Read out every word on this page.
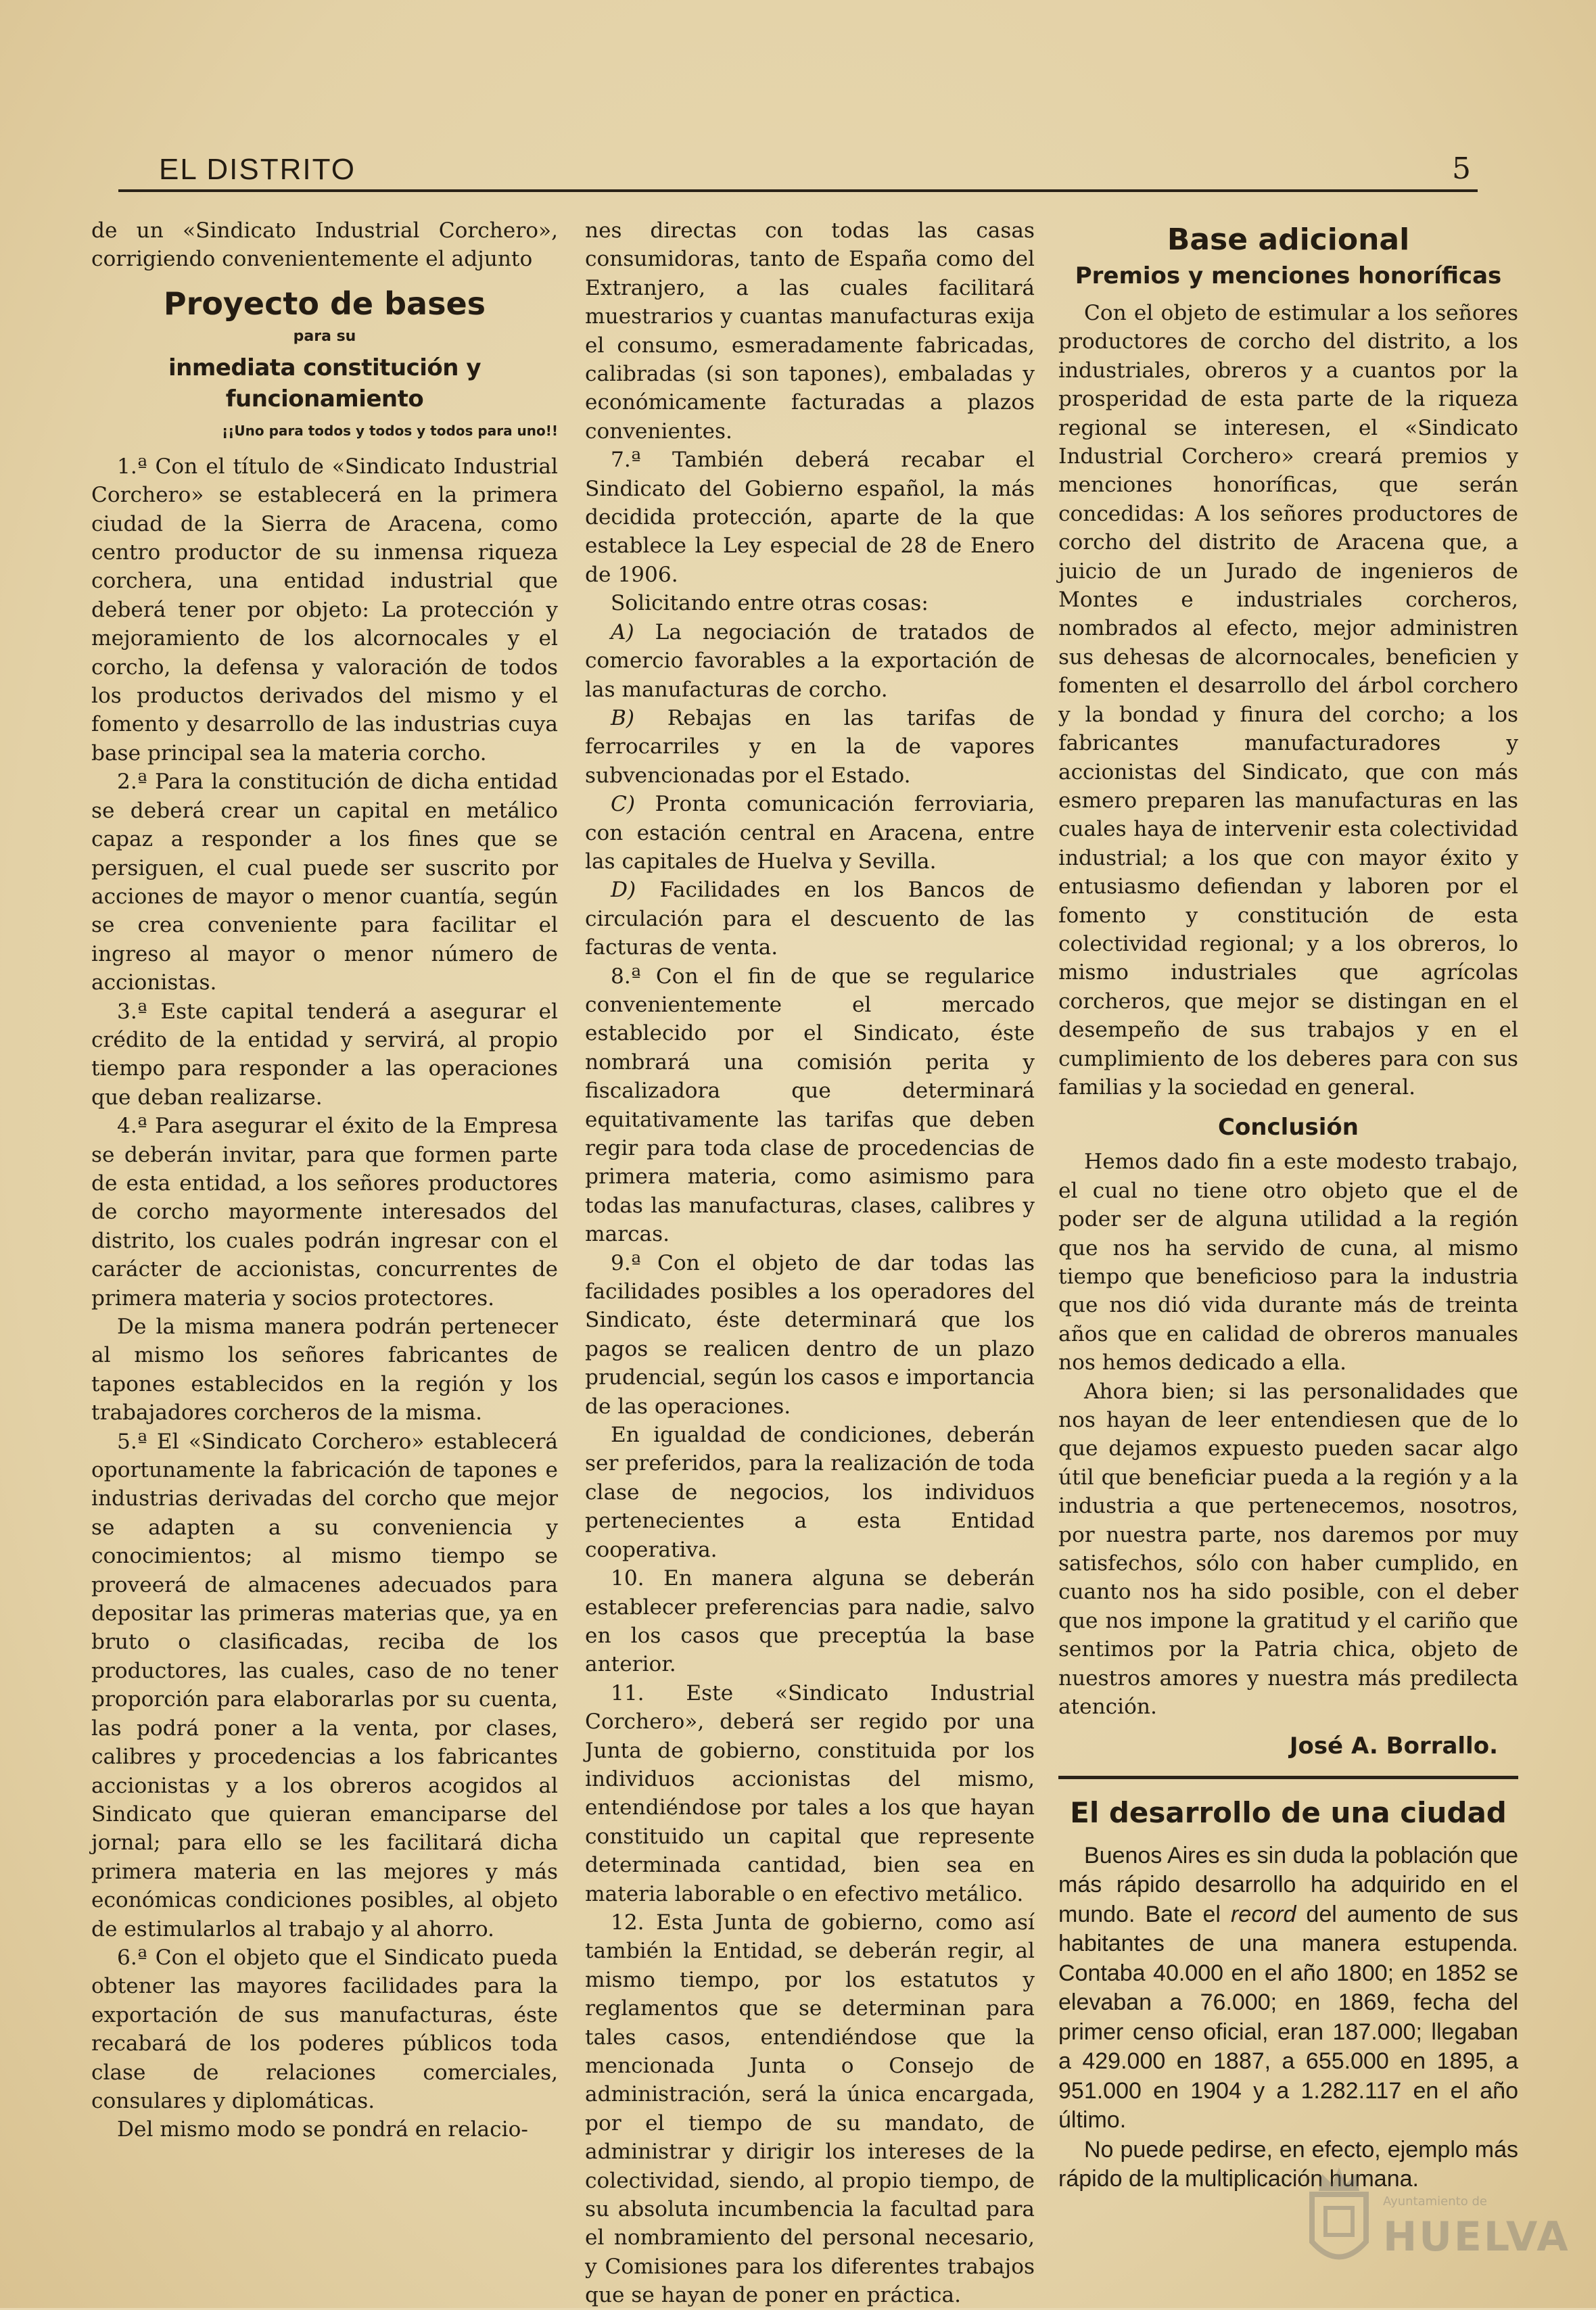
EL DISTRITO	5

de un «Sindicato Industrial Corchero», corrigiendo convenientemente el adjunto

Proyecto de bases
para su
inmediata constitución y funcionamiento
¡¡Uno para todos y todos y todos para uno!!

1.ª Con el título de «Sindicato Industrial Corchero» se establecerá en la primera ciudad de la Sierra de Aracena, como centro productor de su inmensa riqueza corchera, una entidad industrial que deberá tener por objeto: La protección y mejoramiento de los alcornocales y el corcho, la defensa y valoración de todos los productos derivados del mismo y el fomento y desarrollo de las industrias cuya base principal sea la materia corcho.

2.ª Para la constitución de dicha entidad se deberá crear un capital en metálico capaz a responder a los fines que se persiguen, el cual puede ser suscrito por acciones de mayor o menor cuantía, según se crea conveniente para facilitar el ingreso al mayor o menor número de accionistas.

3.ª Este capital tenderá a asegurar el crédito de la entidad y servirá, al propio tiempo para responder a las operaciones que deban realizarse.

4.ª Para asegurar el éxito de la Empresa se deberán invitar, para que formen parte de esta entidad, a los señores productores de corcho mayormente interesados del distrito, los cuales podrán ingresar con el carácter de accionistas, concurrentes de primera materia y socios protectores.

De la misma manera podrán pertenecer al mismo los señores fabricantes de tapones establecidos en la región y los trabajadores corcheros de la misma.

5.ª El «Sindicato Corchero» establecerá oportunamente la fabricación de tapones e industrias derivadas del corcho que mejor se adapten a su conveniencia y conocimientos; al mismo tiempo se proveerá de almacenes adecuados para depositar las primeras materias que, ya en bruto o clasificadas, reciba de los productores, las cuales, caso de no tener proporción para elaborarlas por su cuenta, las podrá poner a la venta, por clases, calibres y procedencias a los fabricantes accionistas y a los obreros acogidos al Sindicato que quieran emanciparse del jornal; para ello se les facilitará dicha primera materia en las mejores y más económicas condiciones posibles, al objeto de estimularlos al trabajo y al ahorro.

6.ª Con el objeto que el Sindicato pueda obtener las mayores facilidades para la exportación de sus manufacturas, éste recabará de los poderes públicos toda clase de relaciones comerciales, consulares y diplomáticas.

Del mismo modo se pondrá en relacio-

nes directas con todas las casas consumidoras, tanto de España como del Extranjero, a las cuales facilitará muestrarios y cuantas manufacturas exija el consumo, esmeradamente fabricadas, calibradas (si son tapones), embaladas y económicamente facturadas a plazos convenientes.

7.ª También deberá recabar el Sindicato del Gobierno español, la más decidida protección, aparte de la que establece la Ley especial de 28 de Enero de 1906.

Solicitando entre otras cosas:

A) La negociación de tratados de comercio favorables a la exportación de las manufacturas de corcho.

B) Rebajas en las tarifas de ferrocarriles y en la de vapores subvencionadas por el Estado.

C) Pronta comunicación ferroviaria, con estación central en Aracena, entre las capitales de Huelva y Sevilla.

D) Facilidades en los Bancos de circulación para el descuento de las facturas de venta.

8.ª Con el fin de que se regularice convenientemente el mercado establecido por el Sindicato, éste nombrará una comisión perita y fiscalizadora que determinará equitativamente las tarifas que deben regir para toda clase de procedencias de primera materia, como asimismo para todas las manufacturas, clases, calibres y marcas.

9.ª Con el objeto de dar todas las facilidades posibles a los operadores del Sindicato, éste determinará que los pagos se realicen dentro de un plazo prudencial, según los casos e importancia de las operaciones.

En igualdad de condiciones, deberán ser preferidos, para la realización de toda clase de negocios, los individuos pertenecientes a esta Entidad cooperativa.

10. En manera alguna se deberán establecer preferencias para nadie, salvo en los casos que preceptúa la base anterior.

11. Este «Sindicato Industrial Corchero», deberá ser regido por una Junta de gobierno, constituida por los individuos accionistas del mismo, entendiéndose por tales a los que hayan constituido un capital que represente determinada cantidad, bien sea en materia laborable o en efectivo metálico.

12. Esta Junta de gobierno, como así también la Entidad, se deberán regir, al mismo tiempo, por los estatutos y reglamentos que se determinan para tales casos, entendiéndose que la mencionada Junta o Consejo de administración, será la única encargada, por el tiempo de su mandato, de administrar y dirigir los intereses de la colectividad, siendo, al propio tiempo, de su absoluta incumbencia la facultad para el nombramiento del personal necesario, y Comisiones para los diferentes trabajos que se hayan de poner en práctica.

Base adicional
Premios y menciones honoríficas

Con el objeto de estimular a los señores productores de corcho del distrito, a los industriales, obreros y a cuantos por la prosperidad de esta parte de la riqueza regional se interesen, el «Sindicato Industrial Corchero» creará premios y menciones honoríficas, que serán concedidas: A los señores productores de corcho del distrito de Aracena que, a juicio de un Jurado de ingenieros de Montes e industriales corcheros, nombrados al efecto, mejor administren sus dehesas de alcornocales, beneficien y fomenten el desarrollo del árbol corchero y la bondad y finura del corcho; a los fabricantes manufacturadores y accionistas del Sindicato, que con más esmero preparen las manufacturas en las cuales haya de intervenir esta colectividad industrial; a los que con mayor éxito y entusiasmo defiendan y laboren por el fomento y constitución de esta colectividad regional; y a los obreros, lo mismo industriales que agrícolas corcheros, que mejor se distingan en el desempeño de sus trabajos y en el cumplimiento de los deberes para con sus familias y la sociedad en general.

Conclusión

Hemos dado fin a este modesto trabajo, el cual no tiene otro objeto que el de poder ser de alguna utilidad a la región que nos ha servido de cuna, al mismo tiempo que beneficioso para la industria que nos dió vida durante más de treinta años que en calidad de obreros manuales nos hemos dedicado a ella.

Ahora bien; si las personalidades que nos hayan de leer entendiesen que de lo que dejamos expuesto pueden sacar algo útil que beneficiar pueda a la región y a la industria a que pertenecemos, nosotros, por nuestra parte, nos daremos por muy satisfechos, sólo con haber cumplido, en cuanto nos ha sido posible, con el deber que nos impone la gratitud y el cariño que sentimos por la Patria chica, objeto de nuestros amores y nuestra más predilecta atención.

José A. Borrallo.
El desarrollo de una ciudad

Buenos Aires es sin duda la población que más rápido desarrollo ha adquirido en el mundo. Bate el record del aumento de sus habitantes de una manera estupenda. Contaba 40.000 en el año 1800; en 1852 se elevaban a 76.000; en 1869, fecha del primer censo oficial, eran 187.000; llegaban a 429.000 en 1887, a 655.000 en 1895, a 951.000 en 1904 y a 1.282.117 en el año último.

No puede pedirse, en efecto, ejemplo más rápido de la multiplicación humana.

Ayuntamiento de
HUELVA
